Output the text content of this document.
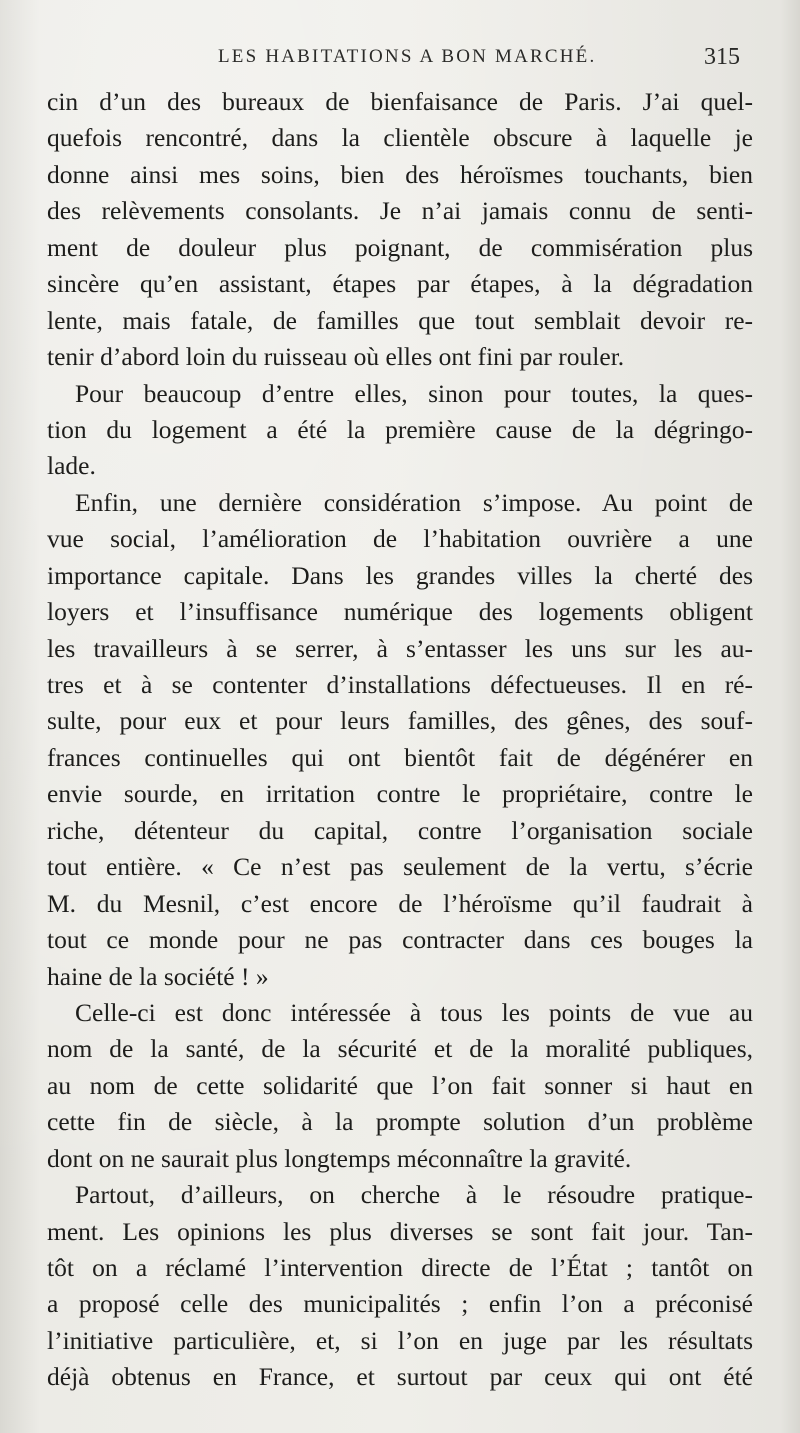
LES HABITATIONS A BON MARCHÉ.	315
cin d’un des bureaux de bienfaisance de Paris. J’ai quel-
quefois rencontré, dans la clientèle obscure à laquelle je
donne ainsi mes soins, bien des héroïsmes touchants, bien
des relèvements consolants. Je n’ai jamais connu de senti-
ment de douleur plus poignant, de commisération plus
sincère qu’en assistant, étapes par étapes, à la dégradation
lente, mais fatale, de familles que tout semblait devoir re-
tenir d’abord loin du ruisseau où elles ont fini par rouler.
Pour beaucoup d’entre elles, sinon pour toutes, la ques-
tion du logement a été la première cause de la dégringo-
lade.
Enfin, une dernière considération s’impose. Au point de
vue social, l’amélioration de l’habitation ouvrière a une
importance capitale. Dans les grandes villes la cherté des
loyers et l’insuffisance numérique des logements obligent
les travailleurs à se serrer, à s’entasser les uns sur les au-
tres et à se contenter d’installations défectueuses. Il en ré-
sulte, pour eux et pour leurs familles, des gênes, des souf-
frances continuelles qui ont bientôt fait de dégénérer en
envie sourde, en irritation contre le propriétaire, contre le
riche, détenteur du capital, contre l’organisation sociale
tout entière. « Ce n’est pas seulement de la vertu, s’écrie
M. du Mesnil, c’est encore de l’héroïsme qu’il faudrait à
tout ce monde pour ne pas contracter dans ces bouges la
haine de la société ! »
Celle-ci est donc intéressée à tous les points de vue au
nom de la santé, de la sécurité et de la moralité publiques,
au nom de cette solidarité que l’on fait sonner si haut en
cette fin de siècle, à la prompte solution d’un problème
dont on ne saurait plus longtemps méconnaître la gravité.
Partout, d’ailleurs, on cherche à le résoudre pratique-
ment. Les opinions les plus diverses se sont fait jour. Tan-
tôt on a réclamé l’intervention directe de l’État ; tantôt on
a proposé celle des municipalités ; enfin l’on a préconisé
l’initiative particulière, et, si l’on en juge par les résultats
déjà obtenus en France, et surtout par ceux qui ont été
